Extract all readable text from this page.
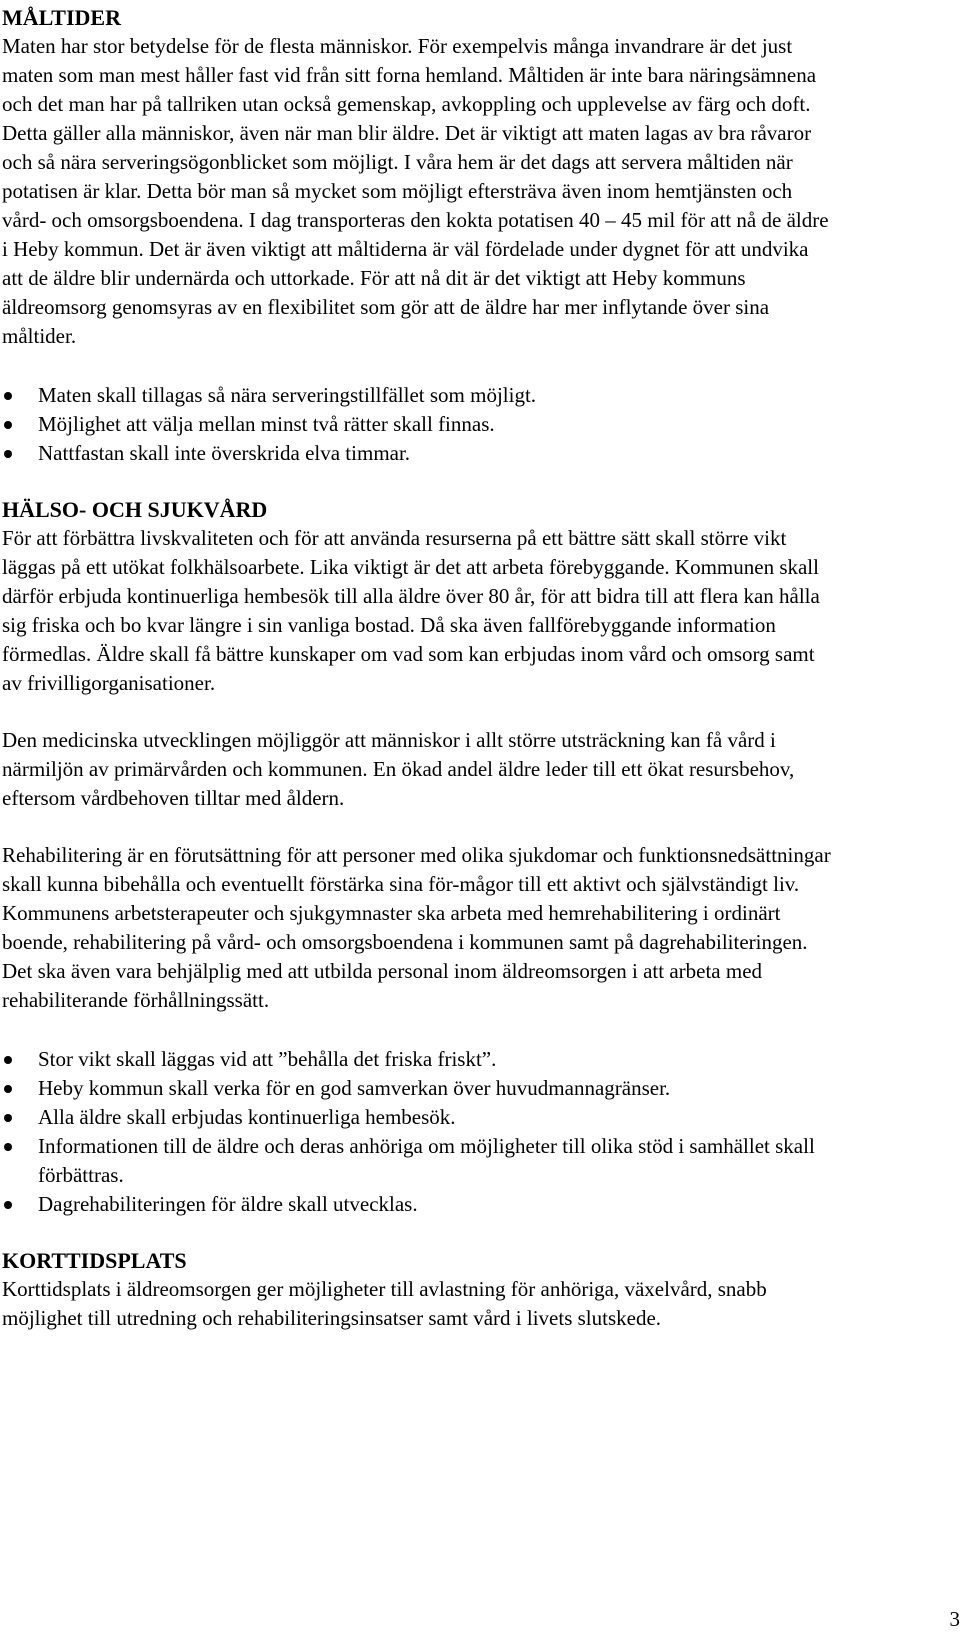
MÅLTIDER

Maten har stor betydelse för de flesta människor. För exempelvis många invandrare är det just maten som man mest håller fast vid från sitt forna hemland. Måltiden är inte bara näringsämnena och det man har på tallriken utan också gemenskap, avkoppling och upplevelse av färg och doft. Detta gäller alla människor, även när man blir äldre. Det är viktigt att maten lagas av bra råvaror och så nära serveringsögonblicket som möjligt. I våra hem är det dags att servera måltiden när potatisen är klar. Detta bör man så mycket som möjligt eftersträva även inom hemtjänsten och vård- och omsorgsboendena. I dag transporteras den kokta potatisen 40 – 45 mil för att nå de äldre i Heby kommun. Det är även viktigt att måltiderna är väl fördelade under dygnet för att undvika att de äldre blir undernärda och uttorkade. För att nå dit är det viktigt att Heby kommuns äldreomsorg genomsyras av en flexibilitet som gör att de äldre har mer inflytande över sina måltider.

Maten skall tillagas så nära serveringstillfället som möjligt.
Möjlighet att välja mellan minst två rätter skall finnas.
Nattfastan skall inte överskrida elva timmar.
HÄLSO- OCH SJUKVÅRD

För att förbättra livskvaliteten och för att använda resurserna på ett bättre sätt skall större vikt läggas på ett utökat folkhälsoarbete. Lika viktigt är det att arbeta förebyggande. Kommunen skall därför erbjuda kontinuerliga hembesök till alla äldre över 80 år, för att bidra till att flera kan hålla sig friska och bo kvar längre i sin vanliga bostad. Då ska även fallförebyggande information förmedlas. Äldre skall få bättre kunskaper om vad som kan erbjudas inom vård och omsorg samt av frivilligorganisationer.

Den medicinska utvecklingen möjliggör att människor i allt större utsträckning kan få vård i närmiljön av primärvården och kommunen. En ökad andel äldre leder till ett ökat resursbehov, eftersom vårdbehoven tilltar med åldern.

Rehabilitering är en förutsättning för att personer med olika sjukdomar och funktionsnedsättningar skall kunna bibehålla och eventuellt förstärka sina för-mågor till ett aktivt och självständigt liv. Kommunens arbetsterapeuter och sjukgymnaster ska arbeta med hemrehabilitering i ordinärt boende, rehabilitering på vård- och omsorgsboendena i kommunen samt på dagrehabiliteringen. Det ska även vara behjälplig med att utbilda personal inom äldreomsorgen i att arbeta med rehabiliterande förhållningssätt.

Stor vikt skall läggas vid att ”behålla det friska friskt”.
Heby kommun skall verka för en god samverkan över huvudmannagränser.
Alla äldre skall erbjudas kontinuerliga hembesök.
Informationen till de äldre och deras anhöriga om möjligheter till olika stöd i samhället skall förbättras.
Dagrehabiliteringen för äldre skall utvecklas.
KORTTIDSPLATS

Korttidsplats i äldreomsorgen ger möjligheter till avlastning för anhöriga, växelvård, snabb möjlighet till utredning och rehabiliteringsinsatser samt vård i livets slutskede.

3
